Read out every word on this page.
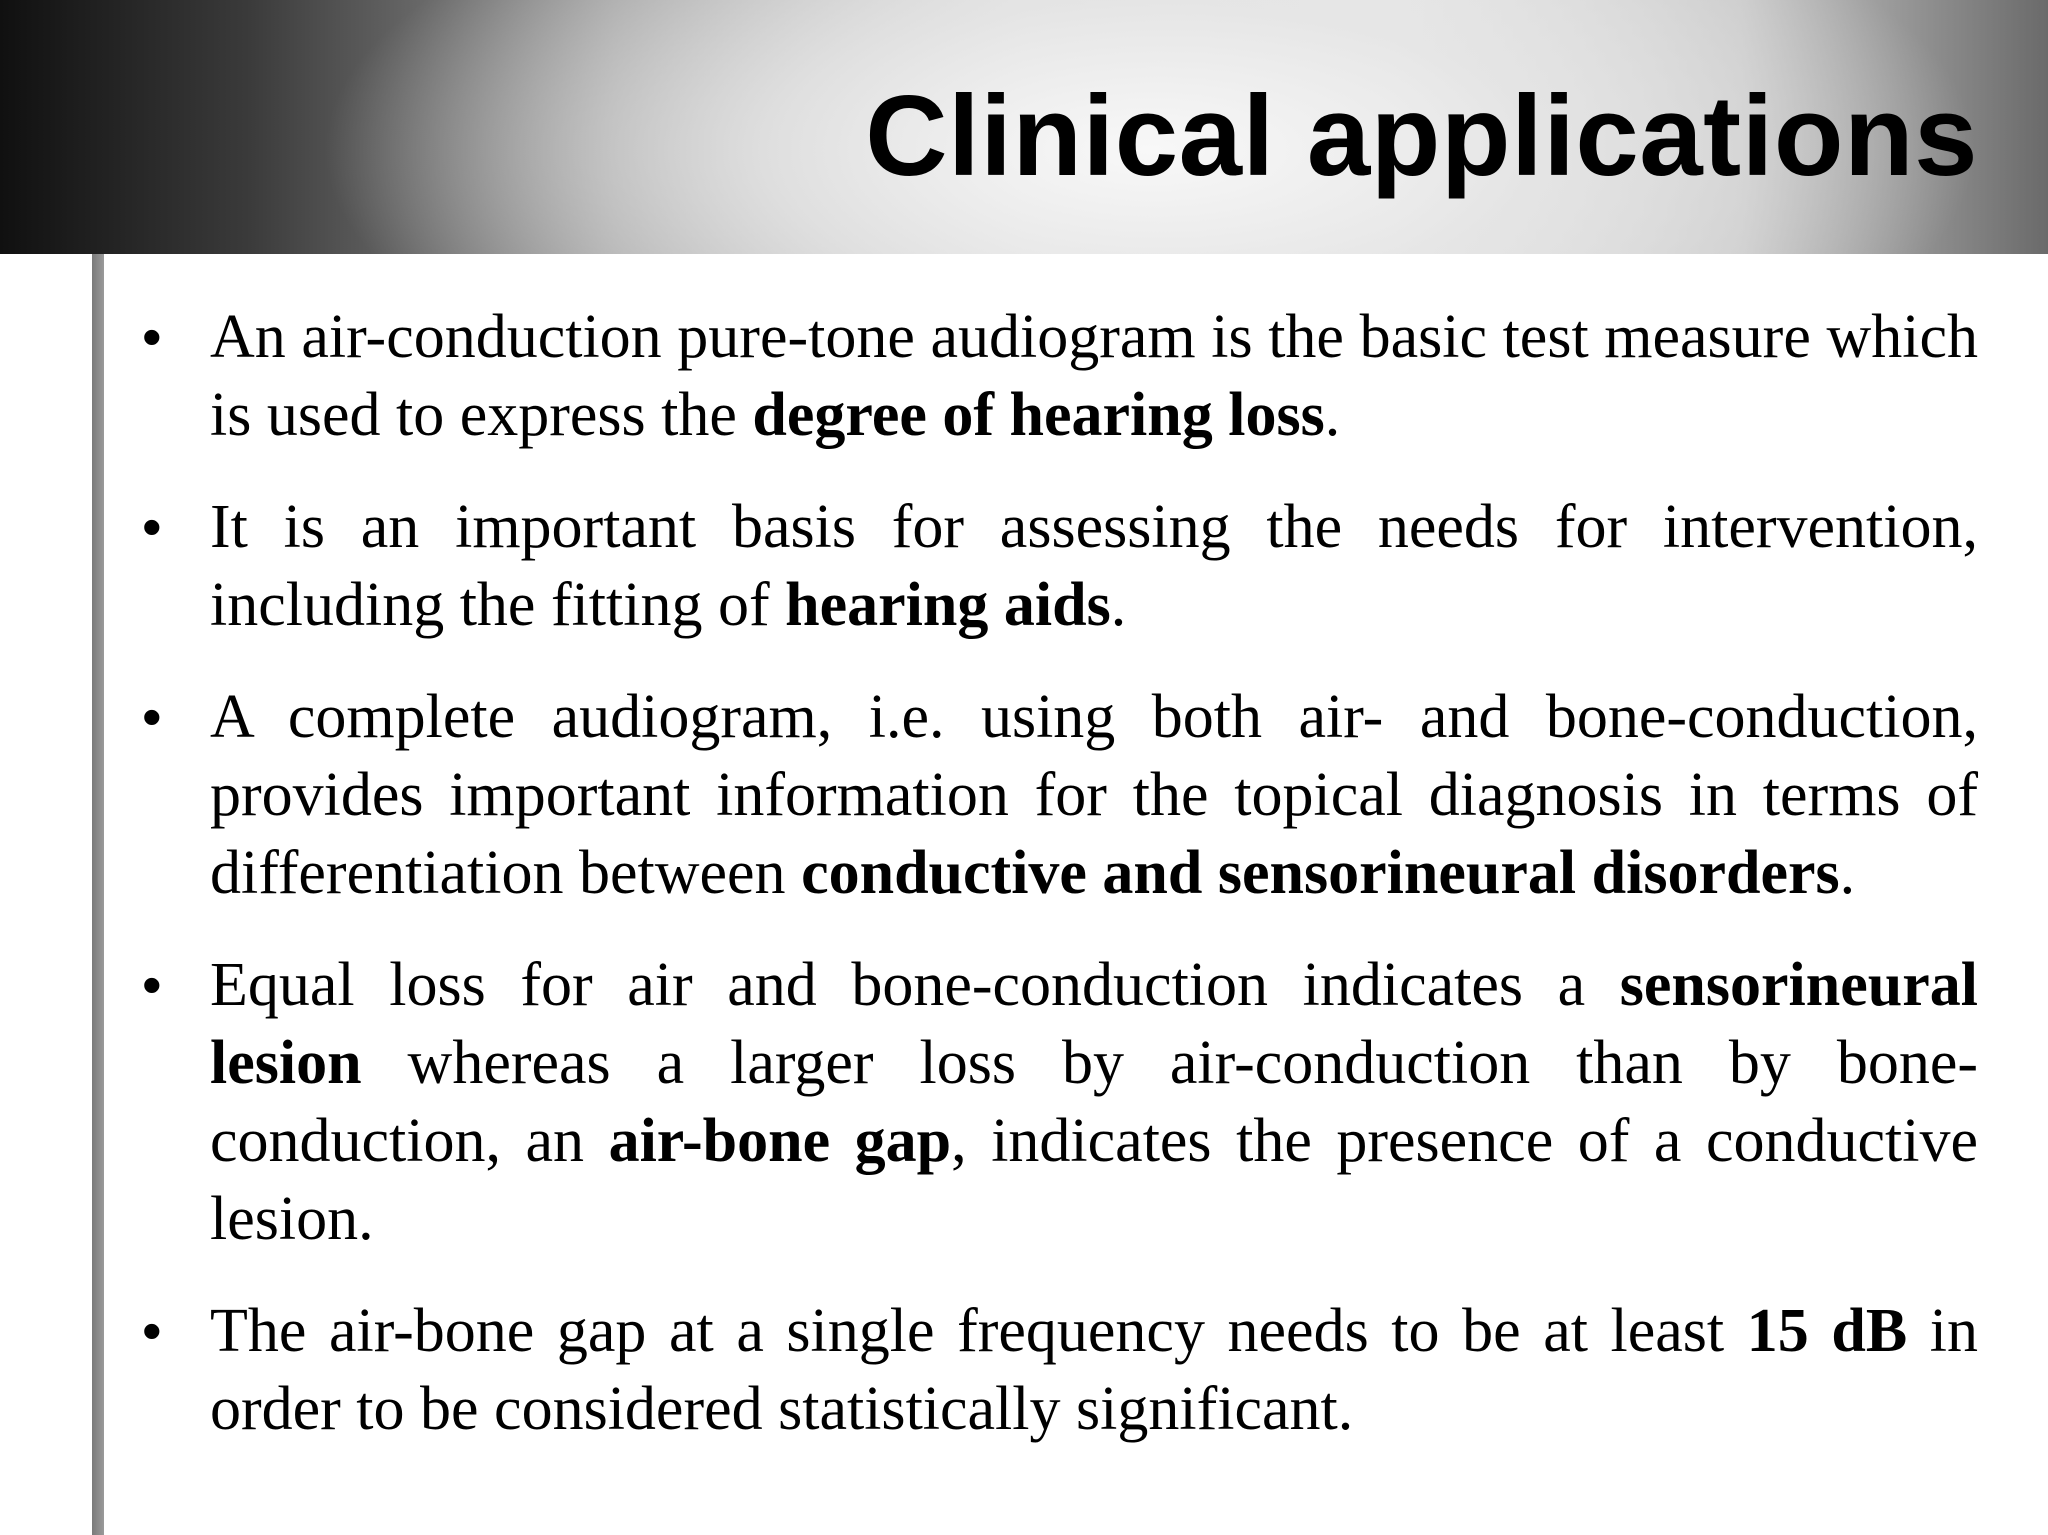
Clinical applications
• An air-conduction pure-tone audiogram is the basic test measure which is used to express the degree of hearing loss.
• It is an important basis for assessing the needs for intervention, including the fitting of hearing aids.
• A complete audiogram, i.e. using both air- and bone-conduction, provides important information for the topical diagnosis in terms of differentiation between conductive and sensorineural disorders.
• Equal loss for air and bone-conduction indicates a sensorineural lesion whereas a larger loss by air-conduction than by bone-conduction, an air-bone gap, indicates the presence of a conductive lesion.
• The air-bone gap at a single frequency needs to be at least 15 dB in order to be considered statistically significant.
